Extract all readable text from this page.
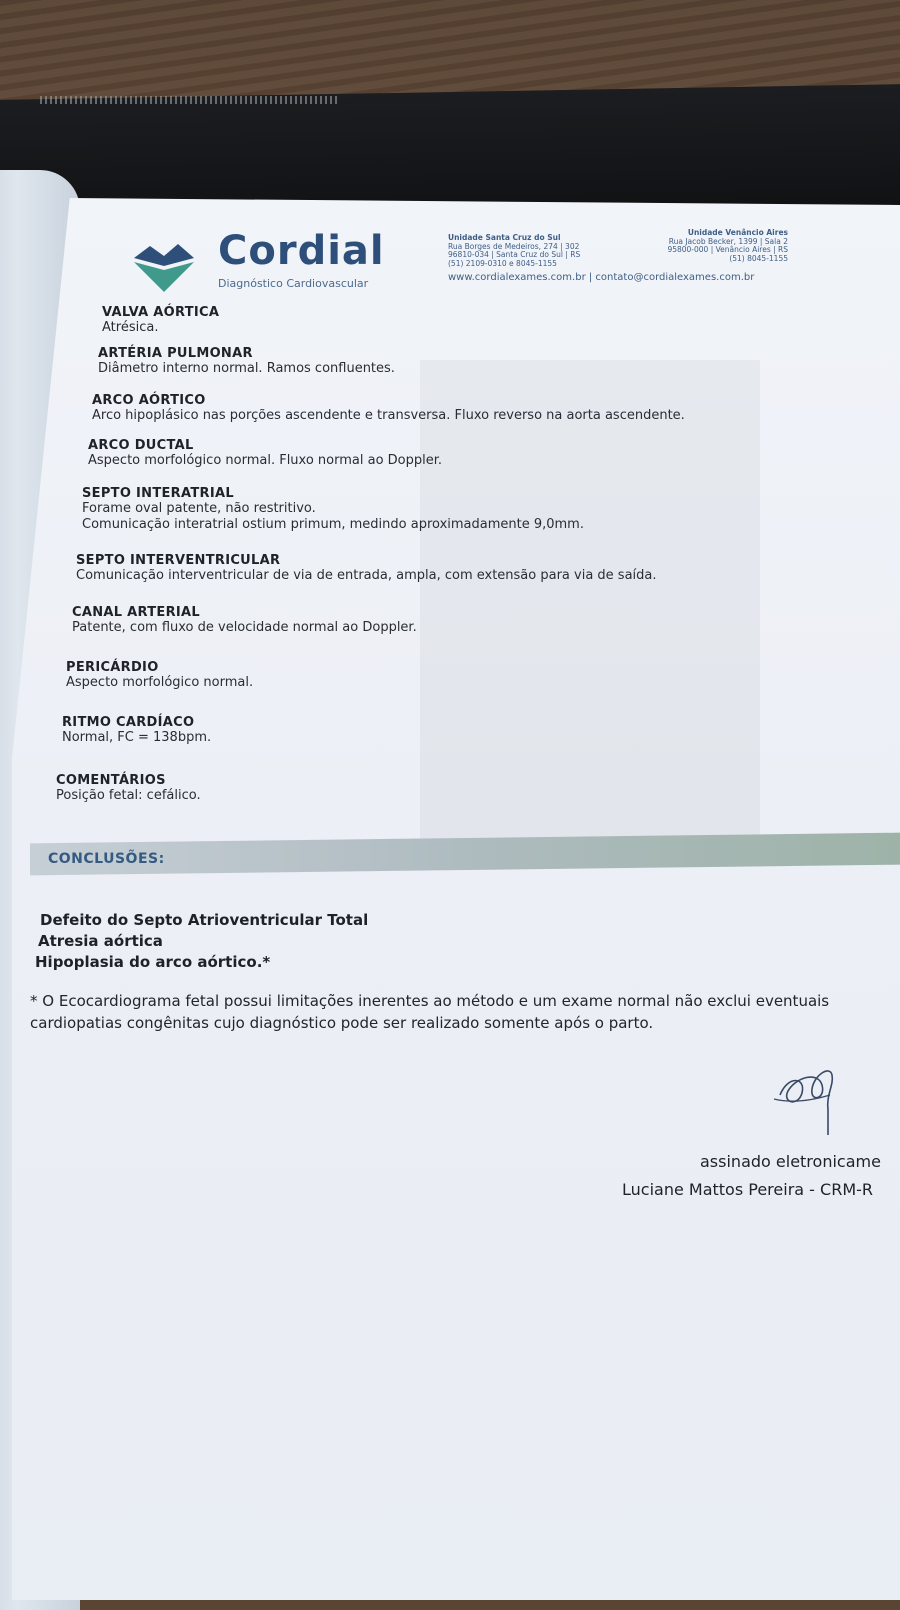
Cordial
Diagnóstico Cardiovascular
Unidade Santa Cruz do Sul
Rua Borges de Medeiros, 274 | 302
96810-034 | Santa Cruz do Sul | RS
(51) 2109-0310 e 8045-1155
Unidade Venâncio Aires
Rua Jacob Becker, 1399 | Sala 2
95800-000 | Venâncio Aires | RS
(51) 8045-1155
www.cordialexames.com.br | contato@cordialexames.com.br
VALVA AÓRTICA
Atrésica.
ARTÉRIA PULMONAR
Diâmetro interno normal. Ramos confluentes.
ARCO AÓRTICO
Arco hipoplásico nas porções ascendente e transversa. Fluxo reverso na aorta ascendente.
ARCO DUCTAL
Aspecto morfológico normal. Fluxo normal ao Doppler.
SEPTO INTERATRIAL
Forame oval patente, não restritivo.
Comunicação interatrial ostium primum, medindo aproximadamente 9,0mm.
SEPTO INTERVENTRICULAR
Comunicação interventricular de via de entrada, ampla, com extensão para via de saída.
CANAL ARTERIAL
Patente, com fluxo de velocidade normal ao Doppler.
PERICÁRDIO
Aspecto morfológico normal.
RITMO CARDÍACO
Normal, FC = 138bpm.
COMENTÁRIOS
Posição fetal: cefálico.
CONCLUSÕES:
Defeito do Septo Atrioventricular Total
Atresia aórtica
Hipoplasia do arco aórtico.*
* O Ecocardiograma fetal possui limitações inerentes ao método e um exame normal não exclui eventuais cardiopatias congênitas cujo diagnóstico pode ser realizado somente após o parto.
assinado eletronicame
Luciane Mattos Pereira - CRM-R
